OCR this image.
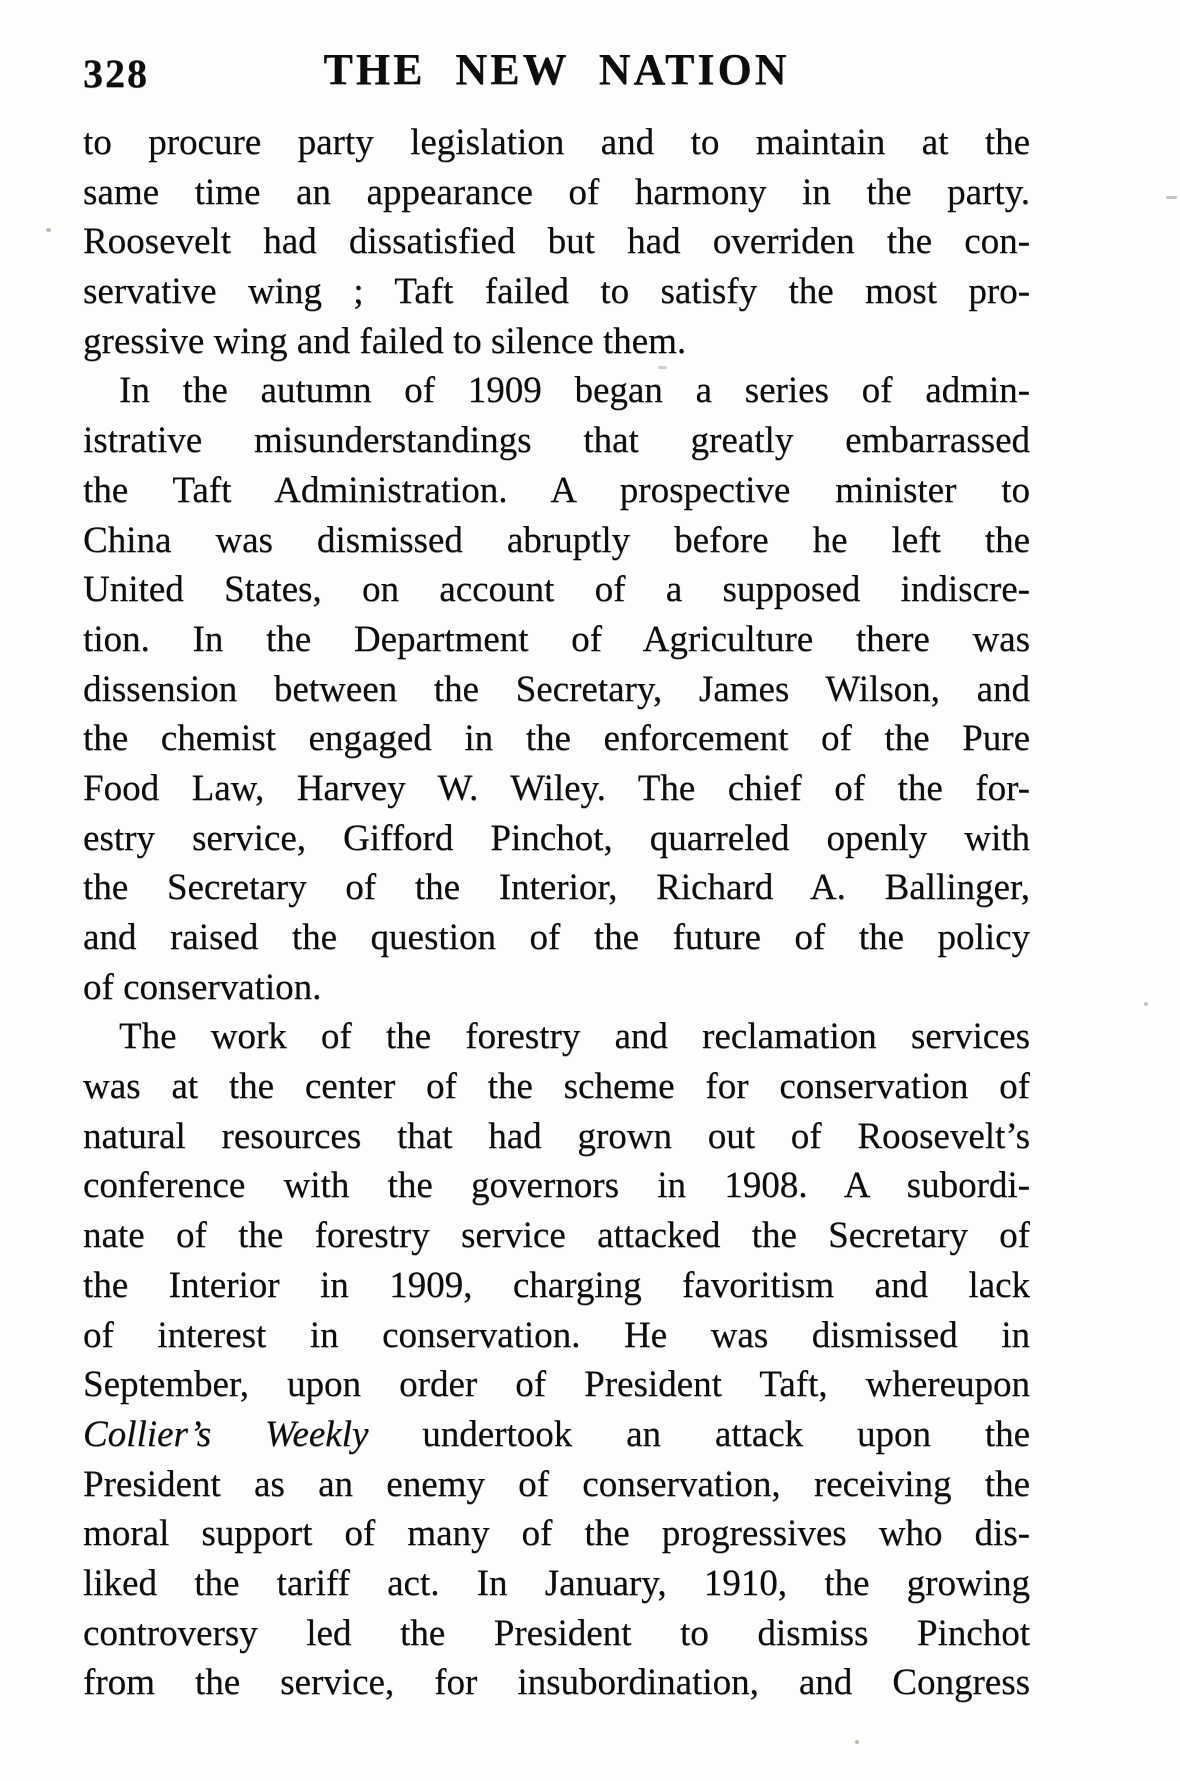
328	THE NEW NATION
to procure party legislation and to maintain at the
same time an appearance of harmony in the party.
Roosevelt had dissatisfied but had overriden the con-
servative wing ; Taft failed to satisfy the most pro-
gressive wing and failed to silence them.
In the autumn of 1909 began a series of admin-
istrative misunderstandings that greatly embarrassed
the Taft Administration. A prospective minister to
China was dismissed abruptly before he left the
United States, on account of a supposed indiscre-
tion. In the Department of Agriculture there was
dissension between the Secretary, James Wilson, and
the chemist engaged in the enforcement of the Pure
Food Law, Harvey W. Wiley. The chief of the for-
estry service, Gifford Pinchot, quarreled openly with
the Secretary of the Interior, Richard A. Ballinger,
and raised the question of the future of the policy
of conservation.
The work of the forestry and reclamation services
was at the center of the scheme for conservation of
natural resources that had grown out of Roosevelt’s
conference with the governors in 1908. A subordi-
nate of the forestry service attacked the Secretary of
the Interior in 1909, charging favoritism and lack
of interest in conservation. He was dismissed in
September, upon order of President Taft, whereupon
Collier’s Weekly undertook an attack upon the
President as an enemy of conservation, receiving the
moral support of many of the progressives who dis-
liked the tariff act. In January, 1910, the growing
controversy led the President to dismiss Pinchot
from the service, for insubordination, and Congress
